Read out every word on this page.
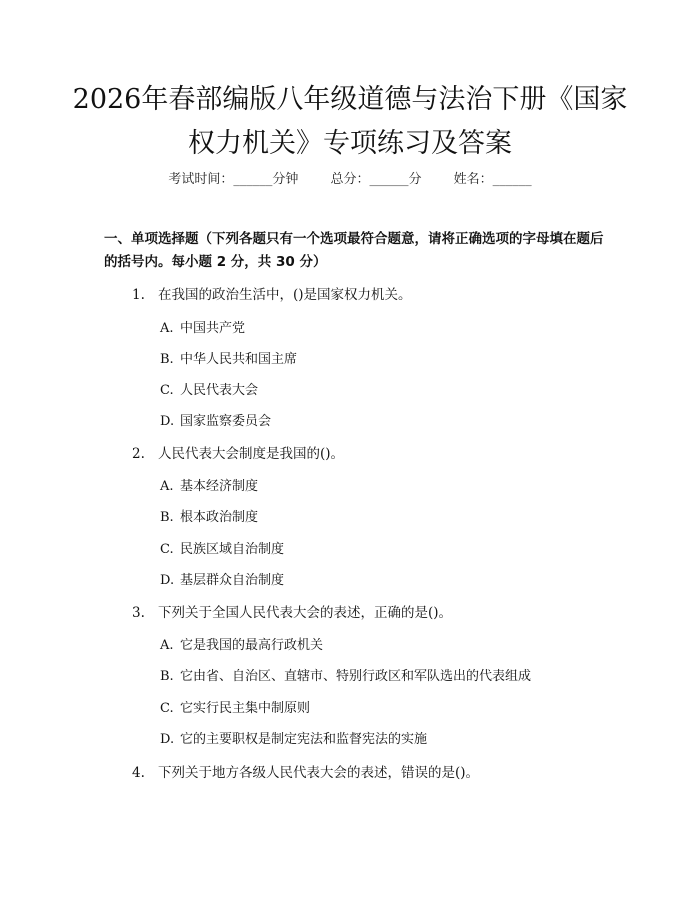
2026年春部编版八年级道德与法治下册《国家权力机关》专项练习及答案
考试时间：______分钟 总分：______分 姓名：______

一、单项选择题（下列各题只有一个选项最符合题意，请将正确选项的字母填在题后的括号内。每小题 2 分，共 30 分）

1. 在我国的政治生活中，()是国家权力机关。
A. 中国共产党
B. 中华人民共和国主席
C. 人民代表大会
D. 国家监察委员会
2. 人民代表大会制度是我国的()。
A. 基本经济制度
B. 根本政治制度
C. 民族区域自治制度
D. 基层群众自治制度
3. 下列关于全国人民代表大会的表述，正确的是()。
A. 它是我国的最高行政机关
B. 它由省、自治区、直辖市、特别行政区和军队选出的代表组成
C. 它实行民主集中制原则
D. 它的主要职权是制定宪法和监督宪法的实施
4. 下列关于地方各级人民代表大会的表述，错误的是()。
